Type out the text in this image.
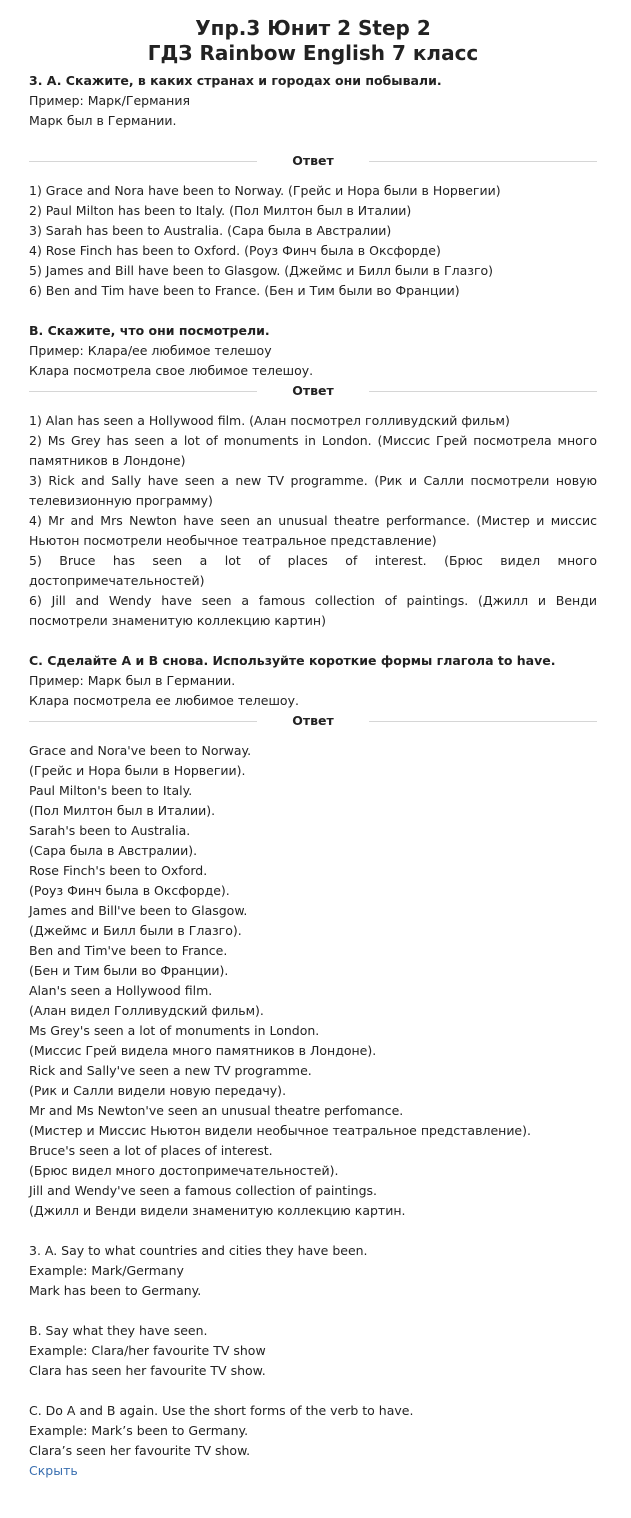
Упр.3 Юнит 2 Step 2
ГДЗ Rainbow English 7 класс
3. A. Скажите, в каких странах и городах они побывали.
Пример: Марк/Германия
Марк был в Германии.
Ответ
1) Grace and Nora have been to Norway. (Грейс и Нора были в Норвегии)
2) Paul Milton has been to Italy. (Пол Милтон был в Италии)
3) Sarah has been to Australia. (Сара была в Австралии)
4) Rose Finch has been to Oxford. (Роуз Финч была в Оксфорде)
5) James and Bill have been to Glasgow. (Джеймс и Билл были в Глазго)
6) Ben and Tim have been to France. (Бен и Тим были во Франции)
B. Скажите, что они посмотрели.
Пример: Клара/ее любимое телешоу
Клара посмотрела свое любимое телешоу.
Ответ
1) Alan has seen a Hollywood film. (Алан посмотрел голливудский фильм)
2) Ms Grey has seen a lot of monuments in London. (Миссис Грей посмотрела много памятников в Лондоне)
3) Rick and Sally have seen a new TV programme. (Рик и Салли посмотрели новую телевизионную программу)
4) Mr and Mrs Newton have seen an unusual theatre performance. (Мистер и миссис Ньютон посмотрели необычное театральное представление)
5) Bruce has seen a lot of places of interest. (Брюс видел много достопримечательностей)
6) Jill and Wendy have seen a famous collection of paintings. (Джилл и Венди посмотрели знаменитую коллекцию картин)
C. Сделайте A и B снова. Используйте короткие формы глагола to have.
Пример: Марк был в Германии.
Клара посмотрела ее любимое телешоу.
Ответ
Grace and Nora've been to Norway.
(Грейс и Нора были в Норвегии).
Paul Milton's been to Italy.
(Пол Милтон был в Италии).
Sarah's been to Australia.
(Сара была в Австралии).
Rose Finch's been to Oxford.
(Роуз Финч была в Оксфорде).
James and Bill've been to Glasgow.
(Джеймс и Билл были в Глазго).
Ben and Tim've been to France.
(Бен и Тим были во Франции).
Alan's seen a Hollywood film.
(Алан видел Голливудский фильм).
Ms Grey's seen a lot of monuments in London.
(Миссис Грей видела много памятников в Лондоне).
Rick and Sally've seen a new TV programme.
(Рик и Салли видели новую передачу).
Mr and Ms Newton've seen an unusual theatre perfomance.
(Мистер и Миссис Ньютон видели необычное театральное представление).
Bruce's seen a lot of places of interest.
(Брюс видел много достопримечательностей).
Jill and Wendy've seen a famous collection of paintings.
(Джилл и Венди видели знаменитую коллекцию картин.
3. A. Say to what countries and cities they have been.
Example: Mark/Germany
Mark has been to Germany.
B. Say what they have seen.
Example: Clara/her favourite TV show
Clara has seen her favourite TV show.
C. Do A and B again. Use the short forms of the verb to have.
Example: Mark’s been to Germany.
Clara’s seen her favourite TV show.
Скрыть
